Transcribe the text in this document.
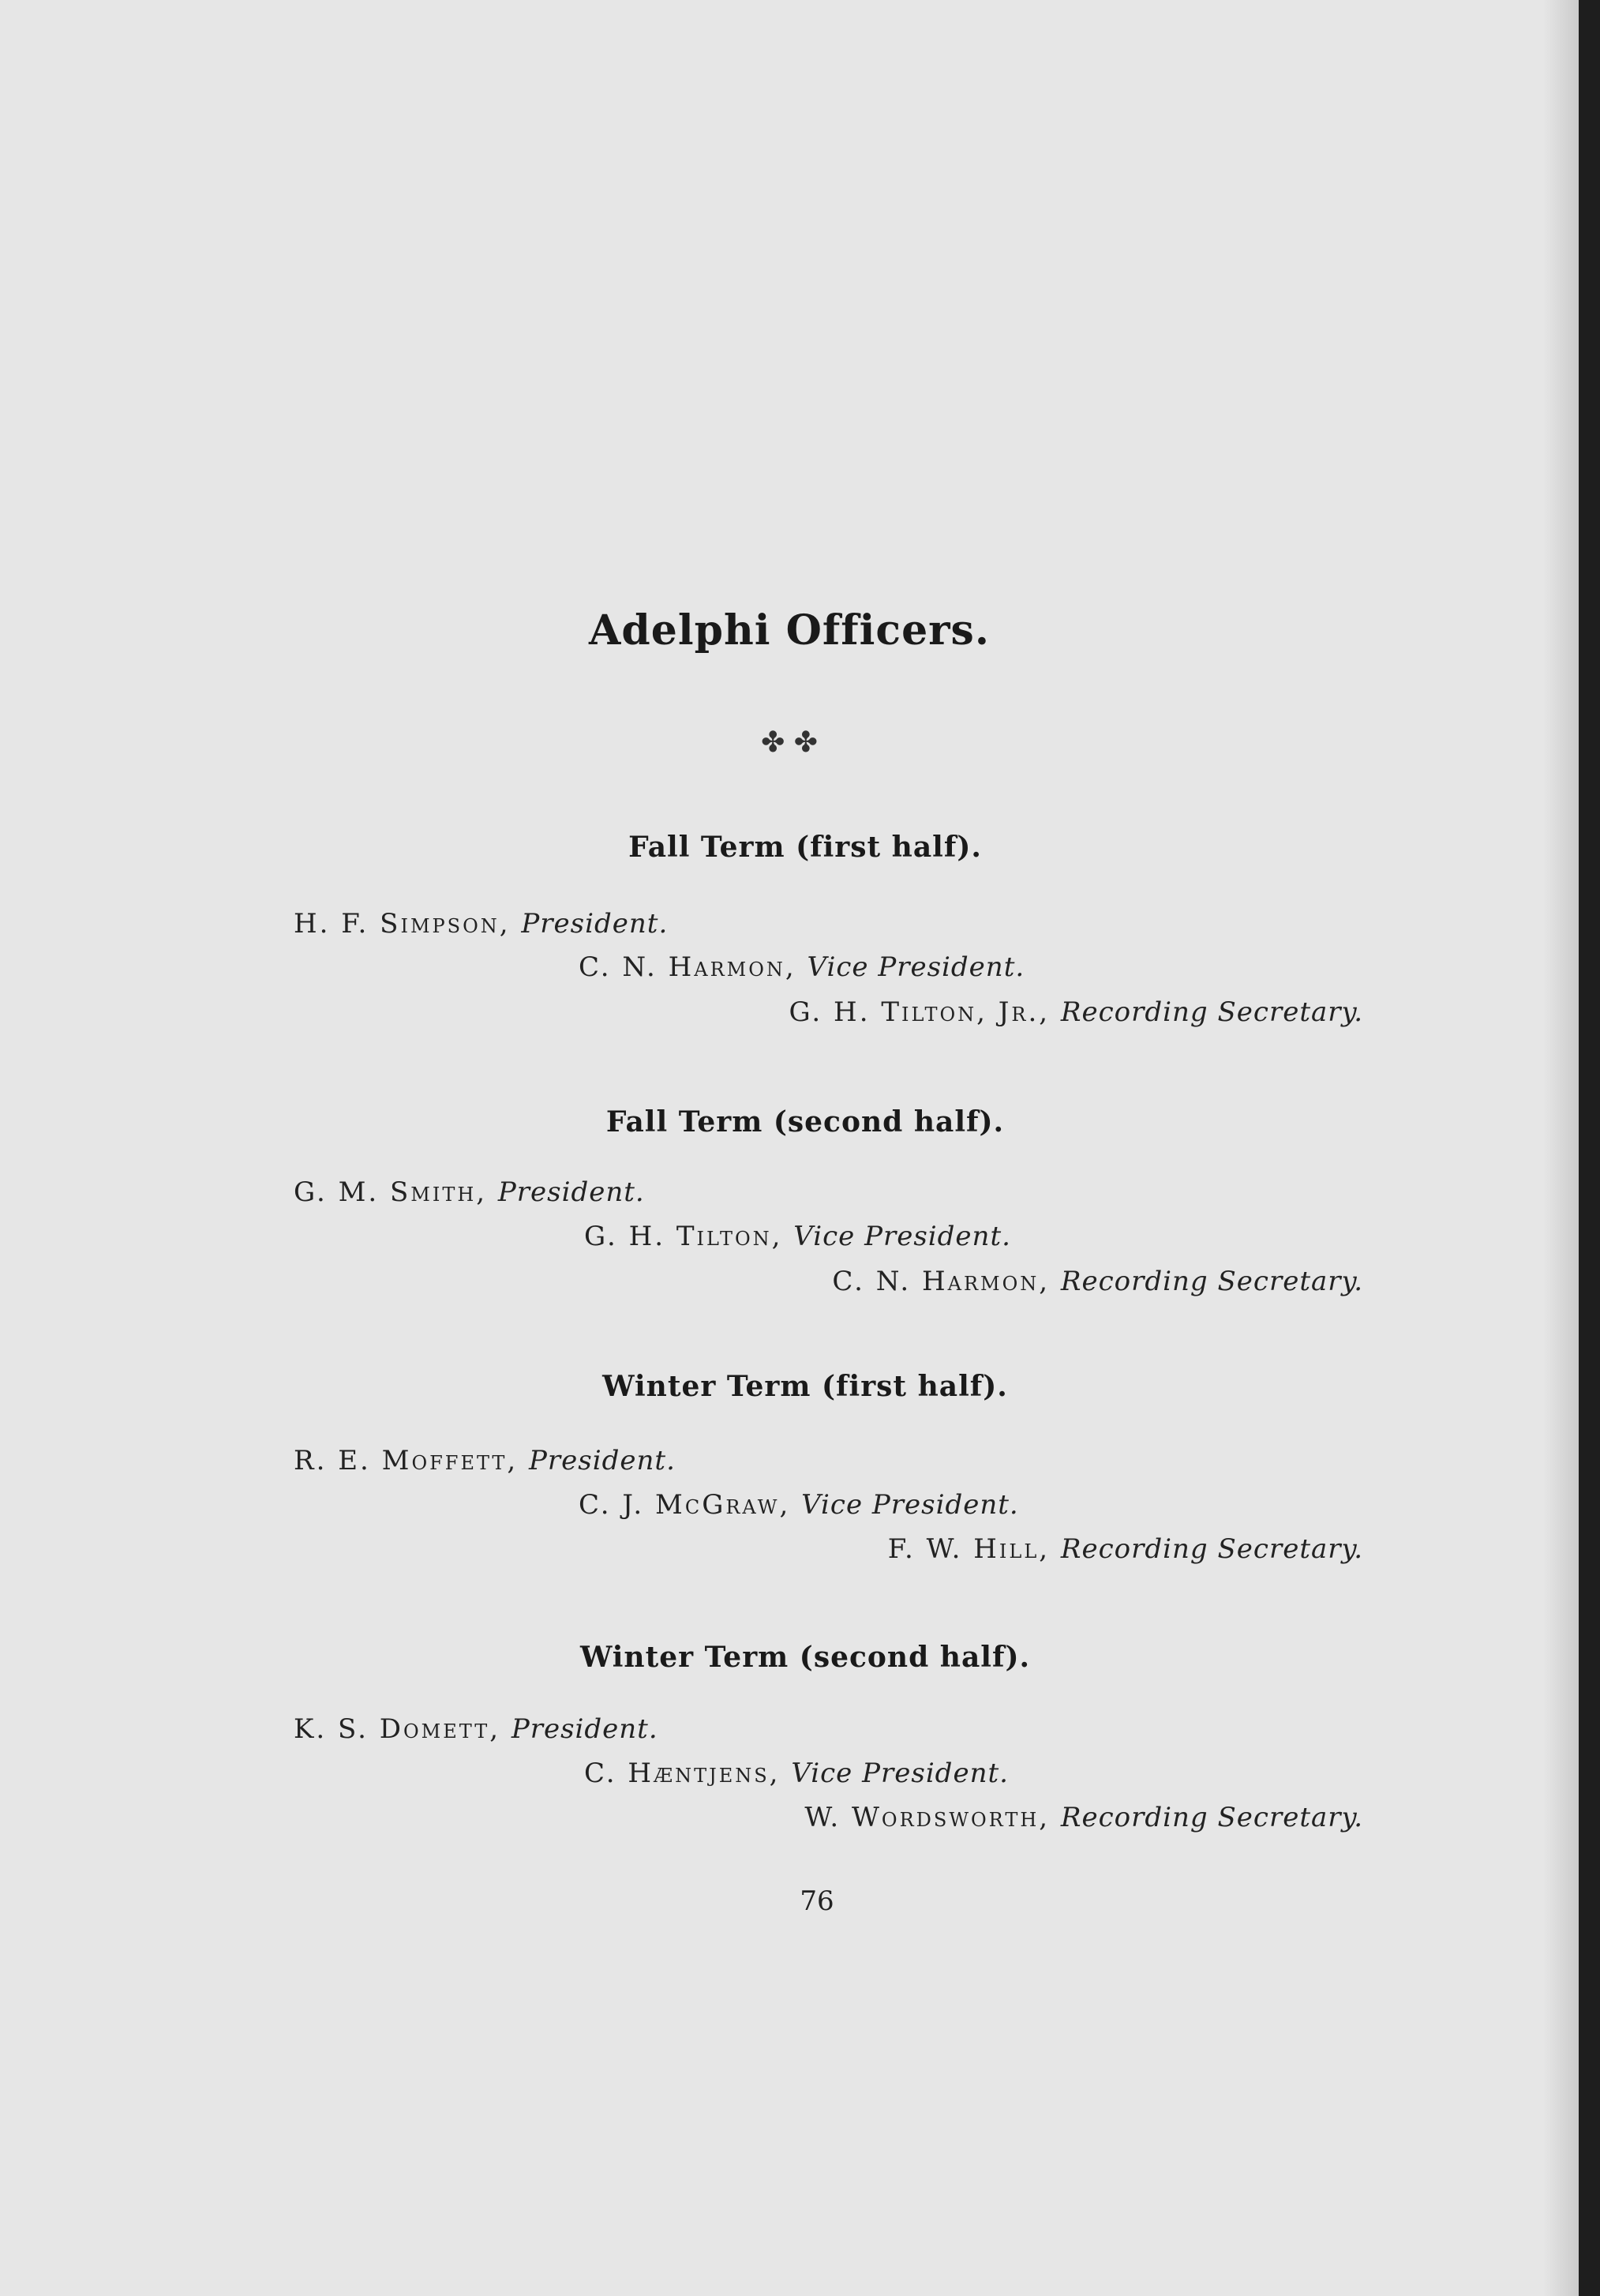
Adelphi Officers.
✤ ✤
Fall Term (first half).
H. F. Simpson, President.
C. N. Harmon, Vice President.
G. H. Tilton, Jr., Recording Secretary.
Fall Term (second half).
G. M. Smith, President.
G. H. Tilton, Vice President.
C. N. Harmon, Recording Secretary.
Winter Term (first half).
R. E. Moffett, President.
C. J. McGraw, Vice President.
F. W. Hill, Recording Secretary.
Winter Term (second half).
K. S. Domett, President.
C. Hæntjens, Vice President.
W. Wordsworth, Recording Secretary.
76
